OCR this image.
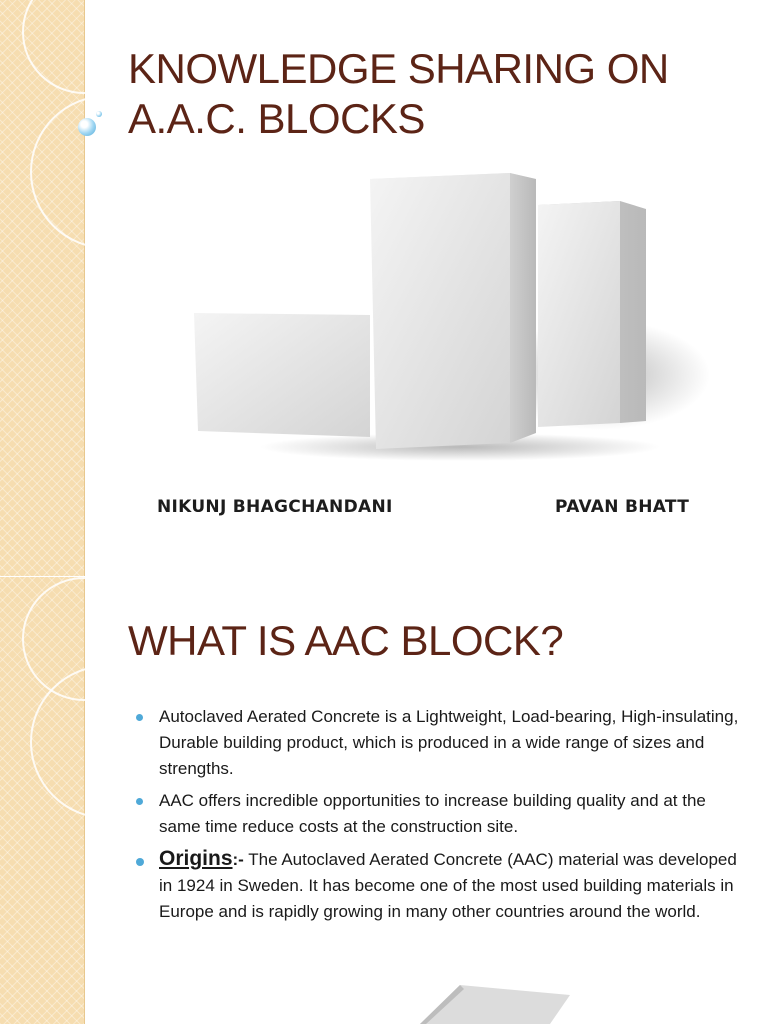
KNOWLEDGE SHARING ON A.A.C. BLOCKS
NIKUNJ BHAGCHANDANI	PAVAN BHATT
WHAT IS AAC BLOCK?
Autoclaved Aerated Concrete is a Lightweight, Load-bearing, High-insulating, Durable building product, which is produced in a wide range of sizes and strengths.
AAC offers incredible opportunities to increase building quality and at the same time reduce costs at the construction site.
Origins:- The Autoclaved Aerated Concrete (AAC) material was developed in 1924 in Sweden. It has become one of the most used building materials in Europe and is rapidly growing in many other countries around the world.
